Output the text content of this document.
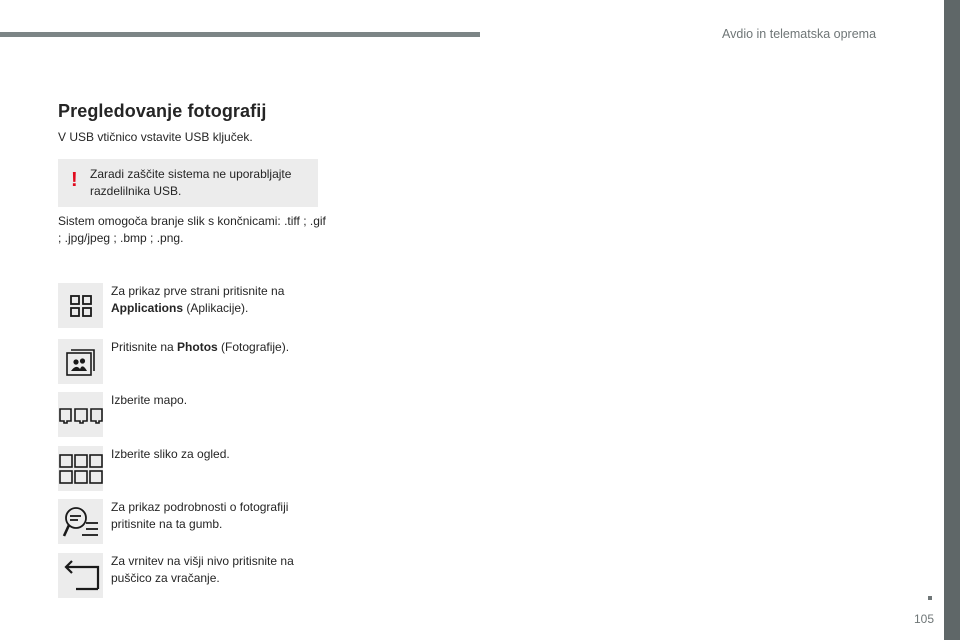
Avdio in telematska oprema
Pregledovanje fotografij

V USB vtičnico vstavite USB ključek.

! Zaradi zaščite sistema ne uporabljajte razdelilnika USB.

Sistem omogoča branje slik s končnicami: .tiff ; .gif ; .jpg/jpeg ; .bmp ; .png.

Za prikaz prve strani pritisnite na Applications (Aplikacije).

Pritisnite na Photos (Fotografije).

Izberite mapo.

Izberite sliko za ogled.

Za prikaz podrobnosti o fotografiji pritisnite na ta gumb.

Za vrnitev na višji nivo pritisnite na puščico za vračanje.

105
